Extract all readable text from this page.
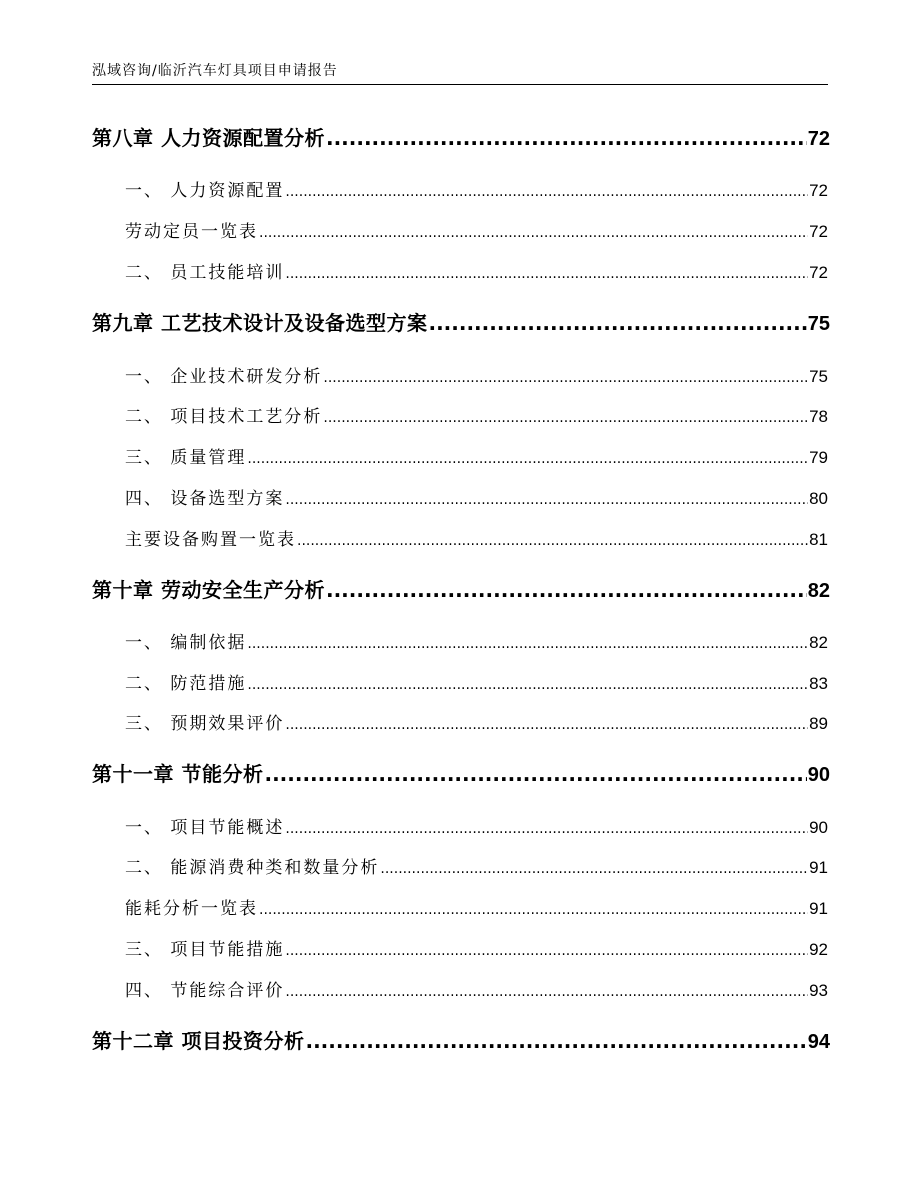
泓域咨询/临沂汽车灯具项目申请报告
第八章 人力资源配置分析 .....	72
一、 人力资源配置 .....	72
劳动定员一览表 .....	72
二、 员工技能培训 .....	72
第九章 工艺技术设计及设备选型方案 .....	75
一、 企业技术研发分析 .....	75
二、 项目技术工艺分析 .....	78
三、 质量管理 .....	79
四、 设备选型方案 .....	80
主要设备购置一览表 .....	81
第十章 劳动安全生产分析 .....	82
一、 编制依据 .....	82
二、 防范措施 .....	83
三、 预期效果评价 .....	89
第十一章 节能分析 .....	90
一、 项目节能概述 .....	90
二、 能源消费种类和数量分析 .....	91
能耗分析一览表 .....	91
三、 项目节能措施 .....	92
四、 节能综合评价 .....	93
第十二章 项目投资分析 .....	94
